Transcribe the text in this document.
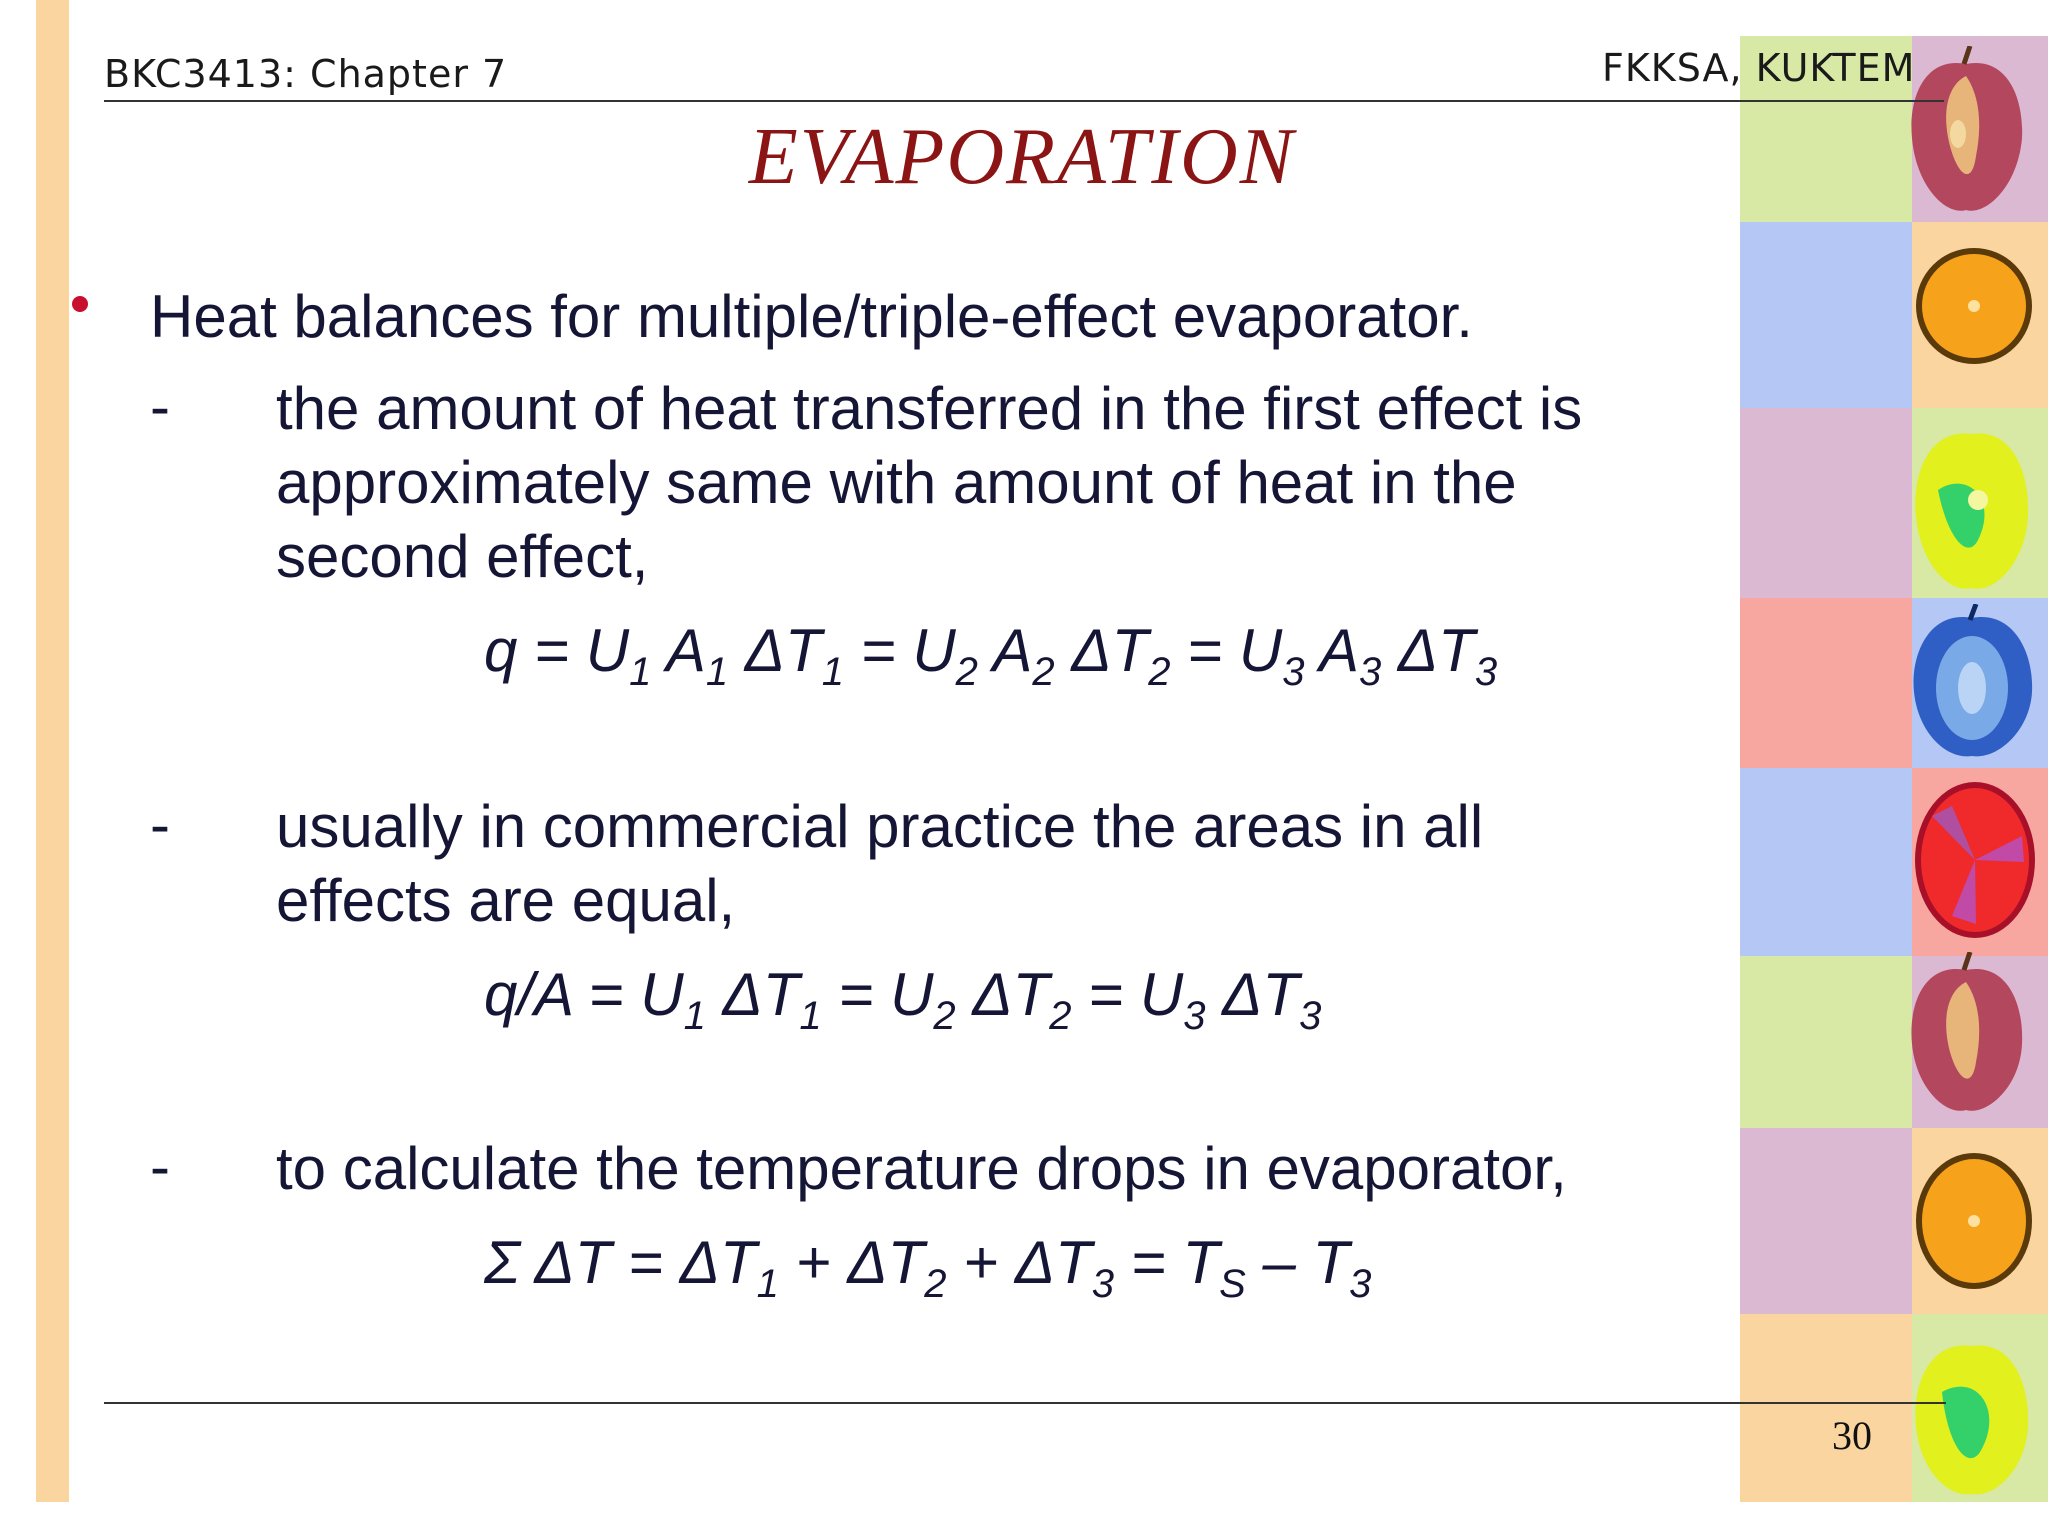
BKC3413: Chapter 7	FKKSA, KUKTEM
EVAPORATION
Heat balances for multiple/triple-effect evaporator.
- the amount of heat transferred in the first effect is
approximately same with amount of heat in the
second effect,
$q = U_1$ $A_1$ $\Delta T_1 = U_2$ $A_2$ $\Delta T_2 = U_3$ $A_3$ $\Delta T_3$
- usually in commercial practice the areas in all
effects are equal,
$q/A = U_1$ $\Delta T_1 = U_2$ $\Delta T_2 = U_3$ $\Delta T_3$
- to calculate the temperature drops in evaporator,
Σ $\Delta T = \Delta T_1 + \Delta T_2 + \Delta T_3 = T_S - T_3$
30
